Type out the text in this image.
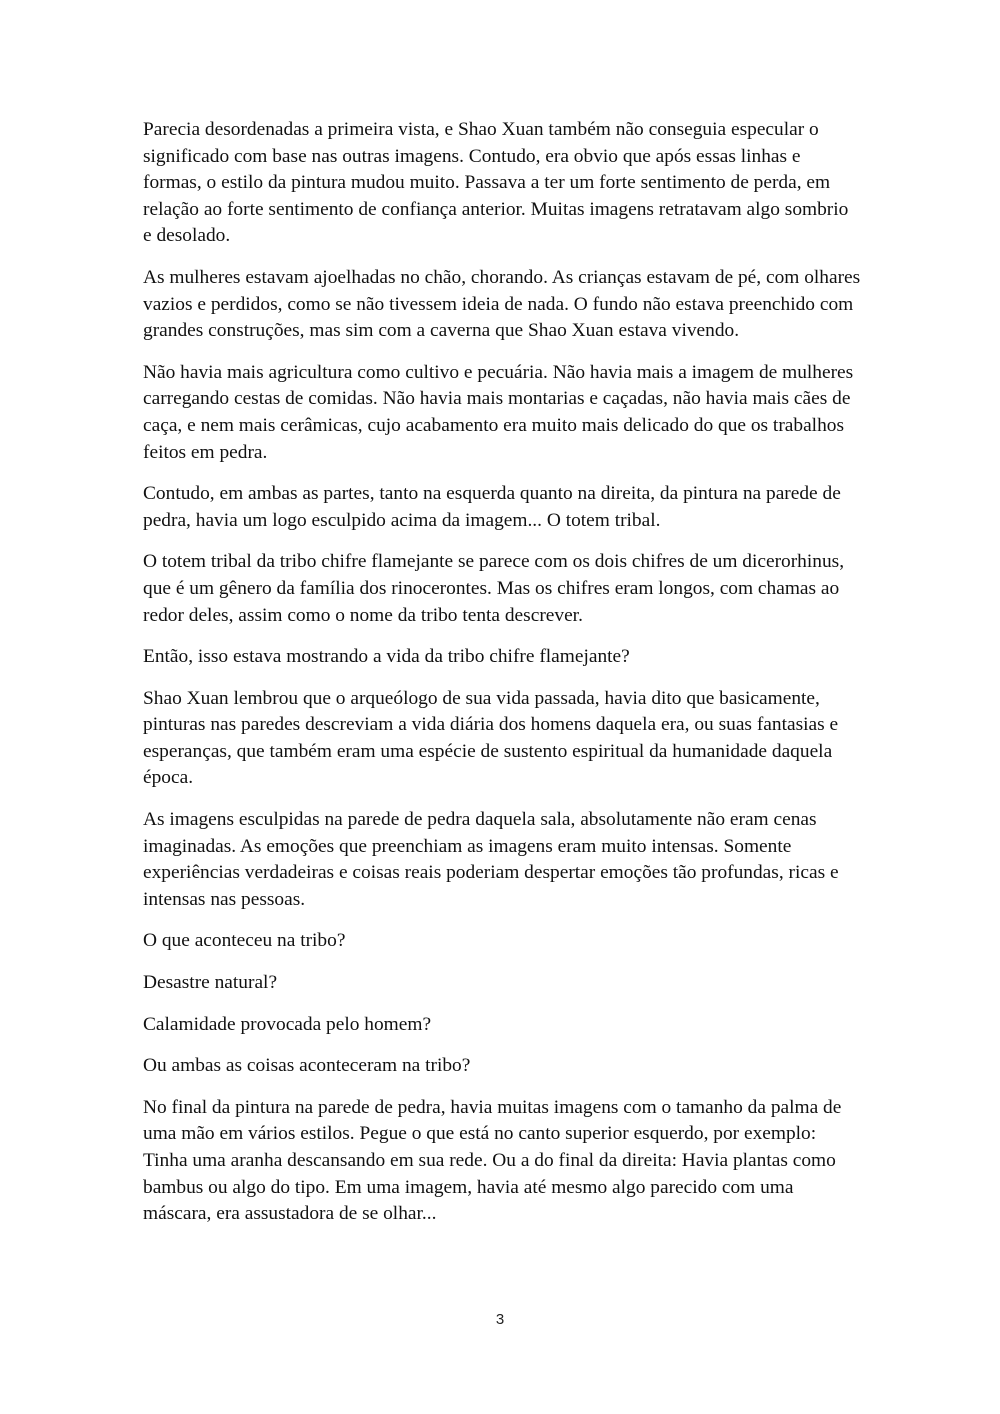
Parecia desordenadas a primeira vista, e Shao Xuan também não conseguia especular o significado com base nas outras imagens. Contudo, era obvio que após essas linhas e formas, o estilo da pintura mudou muito. Passava a ter um forte sentimento de perda, em relação ao forte sentimento de confiança anterior. Muitas imagens retratavam algo sombrio e desolado.

As mulheres estavam ajoelhadas no chão, chorando. As crianças estavam de pé, com olhares vazios e perdidos, como se não tivessem ideia de nada. O fundo não estava preenchido com grandes construções, mas sim com a caverna que Shao Xuan estava vivendo.

Não havia mais agricultura como cultivo e pecuária. Não havia mais a imagem de mulheres carregando cestas de comidas. Não havia mais montarias e caçadas, não havia mais cães de caça, e nem mais cerâmicas, cujo acabamento era muito mais delicado do que os trabalhos feitos em pedra.

Contudo, em ambas as partes, tanto na esquerda quanto na direita, da pintura na parede de pedra, havia um logo esculpido acima da imagem... O totem tribal.

O totem tribal da tribo chifre flamejante se parece com os dois chifres de um dicerorhinus, que é um gênero da família dos rinocerontes. Mas os chifres eram longos, com chamas ao redor deles, assim como o nome da tribo tenta descrever.

Então, isso estava mostrando a vida da tribo chifre flamejante?

Shao Xuan lembrou que o arqueólogo de sua vida passada, havia dito que basicamente, pinturas nas paredes descreviam a vida diária dos homens daquela era, ou suas fantasias e esperanças, que também eram uma espécie de sustento espiritual da humanidade daquela época.

As imagens esculpidas na parede de pedra daquela sala, absolutamente não eram cenas imaginadas. As emoções que preenchiam as imagens eram muito intensas. Somente experiências verdadeiras e coisas reais poderiam despertar emoções tão profundas, ricas e intensas nas pessoas.

O que aconteceu na tribo?

Desastre natural?

Calamidade provocada pelo homem?

Ou ambas as coisas aconteceram na tribo?

No final da pintura na parede de pedra, havia muitas imagens com o tamanho da palma de uma mão em vários estilos. Pegue o que está no canto superior esquerdo, por exemplo: Tinha uma aranha descansando em sua rede. Ou a do final da direita: Havia plantas como bambus ou algo do tipo. Em uma imagem, havia até mesmo algo parecido com uma máscara, era assustadora de se olhar...

3
